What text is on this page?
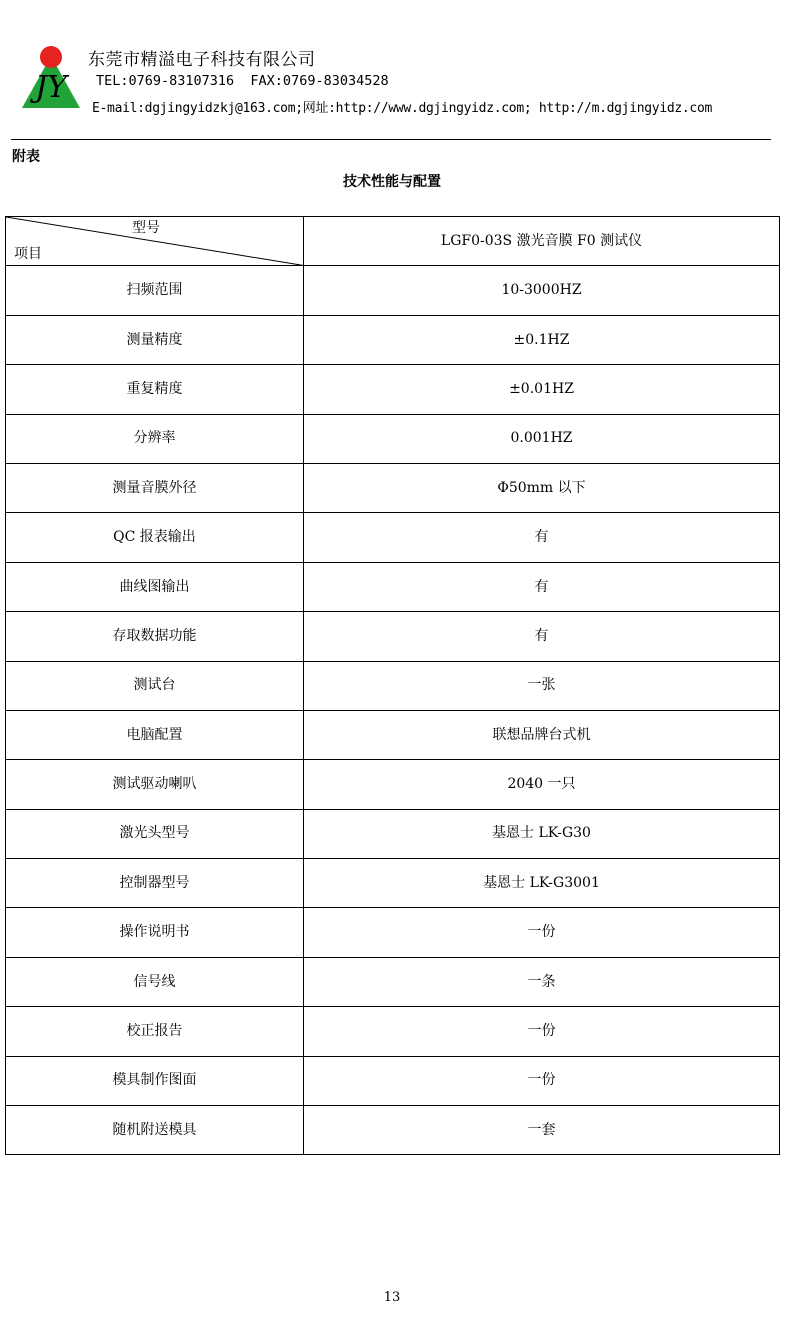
JY
东莞市精溢电子科技有限公司
TEL:0769-83107316  FAX:0769-83034528
E-mail:dgjingyidzkj@163.com;网址:http://www.dgjingyidz.com; http://m.dgjingyidz.com
附表
技术性能与配置
型号
项目	LGF0-03S 激光音膜 F0 测试仪
扫频范围	10-3000HZ
测量精度	±0.1HZ
重复精度	±0.01HZ
分辨率	0.001HZ
测量音膜外径	Φ50mm 以下
QC 报表输出	有
曲线图输出	有
存取数据功能	有
测试台	一张
电脑配置	联想品牌台式机
测试驱动喇叭	2040 一只
激光头型号	基恩士 LK-G30
控制器型号	基恩士 LK-G3001
操作说明书	一份
信号线	一条
校正报告	一份
模具制作图面	一份
随机附送模具	一套
13
